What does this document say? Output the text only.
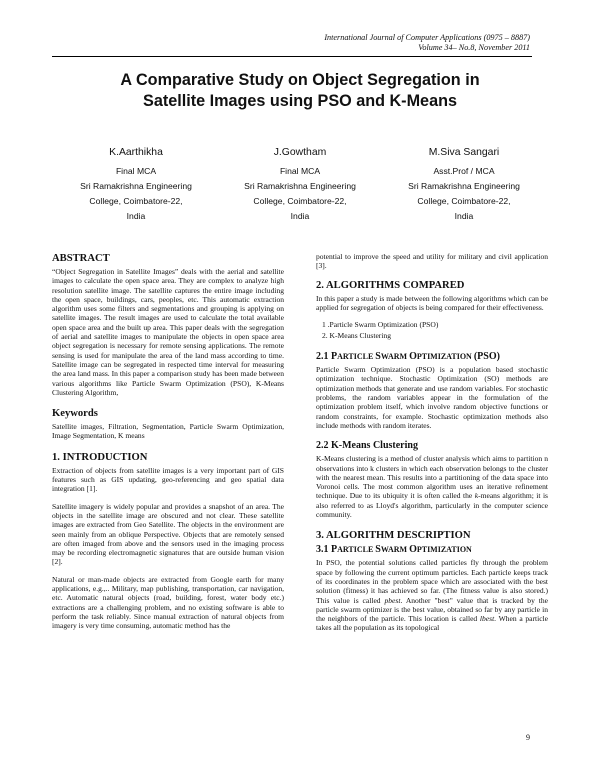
International Journal of Computer Applications (0975 – 8887)
Volume 34– No.8, November 2011
A Comparative Study on Object Segregation in
Satellite Images using PSO and K-Means
K.Aarthikha
Final MCA
Sri Ramakrishna Engineering
College, Coimbatore-22,
India
J.Gowtham
Final MCA
Sri Ramakrishna Engineering
College, Coimbatore-22,
India
M.Siva Sangari
Asst.Prof / MCA
Sri Ramakrishna Engineering
College, Coimbatore-22,
India
ABSTRACT

“Object Segregation in Satellite Images” deals with the aerial and satellite images to calculate the open space area. They are complex to analyze high resolution satellite image. The satellite captures the entire image including the open space, buildings, cars, peoples, etc. This automatic extraction algorithm uses some filters and segmentations and grouping is applying on satellite images. The result images are used to calculate the total available open space area and the built up area. This paper deals with the segregation of aerial and satellite images to manipulate the objects in open space area object segregation is necessary for remote sensing applications. The remote sensing is used for manipulate the area of the land mass according to time. Satellite image can be segregated in respected time interval for measuring the area land mass. In this paper a comparison study has been made between various algorithms like Particle Swarm Optimization (PSO), K-Means Clustering Algorithm,

Keywords

Satellite images, Filtration, Segmentation, Particle Swarm Optimization, Image Segmentation, K means

1. INTRODUCTION

Extraction of objects from satellite images is a very important part of GIS features such as GIS updating, geo-referencing and geo spatial data integration [1].

Satellite imagery is widely popular and provides a snapshot of an area. The objects in the satellite image are obscured and not clear. These satellite images are extracted from Geo Satellite. The objects in the environment are seen mainly from an oblique Perspective. Objects that are remotely sensed are often imaged from above and the sensors used in the imaging process may be recording electromagnetic signatures that are outside human vision [2].

Natural or man-made objects are extracted from Google earth for many applications, e.g.,.. Military, map publishing, transportation, car navigation, etc. Automatic natural objects (road, building, forest, water body etc.) extractions are a challenging problem, and no existing software is able to perform the task reliably. Since manual extraction of natural objects from imagery is very time consuming, automatic method has the

potential to improve the speed and utility for military and civil application [3].

2. ALGORITHMS COMPARED

In this paper a study is made between the following algorithms which can be applied for segregation of objects is being compared for their effectiveness.

1 .Particle Swarm Optimization (PSO)
2. K-Means Clustering
2.1 PARTICLE SWARM OPTIMIZATION (PSO)

Particle Swarm Optimization (PSO) is a population based stochastic optimization technique. Stochastic Optimization (SO) methods are optimization methods that generate and use random variables. For stochastic problems, the random variables appear in the formulation of the optimization problem itself, which involve random objective functions or random constraints, for example. Stochastic optimization methods also include methods with random iterates.

2.2 K-Means Clustering

K-Means clustering is a method of cluster analysis which aims to partition n observations into k clusters in which each observation belongs to the cluster with the nearest mean. This results into a partitioning of the data space into Voronoi cells. The most common algorithm uses an iterative refinement technique. Due to its ubiquity it is often called the k-means algorithm; it is also referred to as Lloyd's algorithm, particularly in the computer science community.

3. ALGORITHM DESCRIPTION
3.1 PARTICLE SWARM OPTIMIZATION

In PSO, the potential solutions called particles fly through the problem space by following the current optimum particles. Each particle keeps track of its coordinates in the problem space which are associated with the best solution (fitness) it has achieved so far. (The fitness value is also stored.) This value is called pbest. Another "best" value that is tracked by the particle swarm optimizer is the best value, obtained so far by any particle in the neighbors of the particle. This location is called lbest. When a particle takes all the population as its topological

9
